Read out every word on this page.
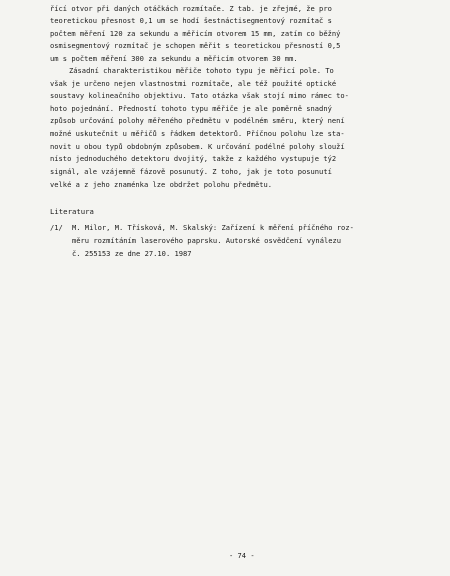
řící otvor při daných otáčkách rozmítače. Z tab. je zřejmé, že pro
teoretickou přesnost 0,1 um se hodí šestnáctisegmentový rozmítač s
počtem měření 120 za sekundu a měřicím otvorem 15 mm, zatím co běžný
osmisegmentový rozmítač je schopen měřit s teoretickou přesností 0,5
um s počtem měření 300 za sekundu a měřicím otvorem 30 mm.
Zásadní charakteristikou měřiče tohoto typu je měřicí pole. To
však je určeno nejen vlastnostmi rozmítače, ale též použité optické
soustavy kolineačního objektivu. Tato otázka však stojí mimo rámec to-
hoto pojednání. Předností tohoto typu měřiče je ale poměrně snadný
způsob určování polohy měřeného předmětu v podélném směru, který není
možné uskutečnit u měřičů s řádkem detektorů. Příčnou polohu lze sta-
novit u obou typů obdobným způsobem. K určování podélné polohy slouží
nísto jednoduchého detektoru dvojitý, takže z každého vystupuje tý2
signál, ale vzájemně fázově posunutý. Z toho, jak je toto posunutí
velké a z jeho znaménka lze obdržet polohu předmětu.
Literatura
/1/ M. Milor, M. Třísková, M. Skalský: Zařízení k měření příčného roz-
měru rozmítáním laserového paprsku. Autorské osvědčení vynálezu
č. 255153 ze dne 27.10. 1987
- 74 -
